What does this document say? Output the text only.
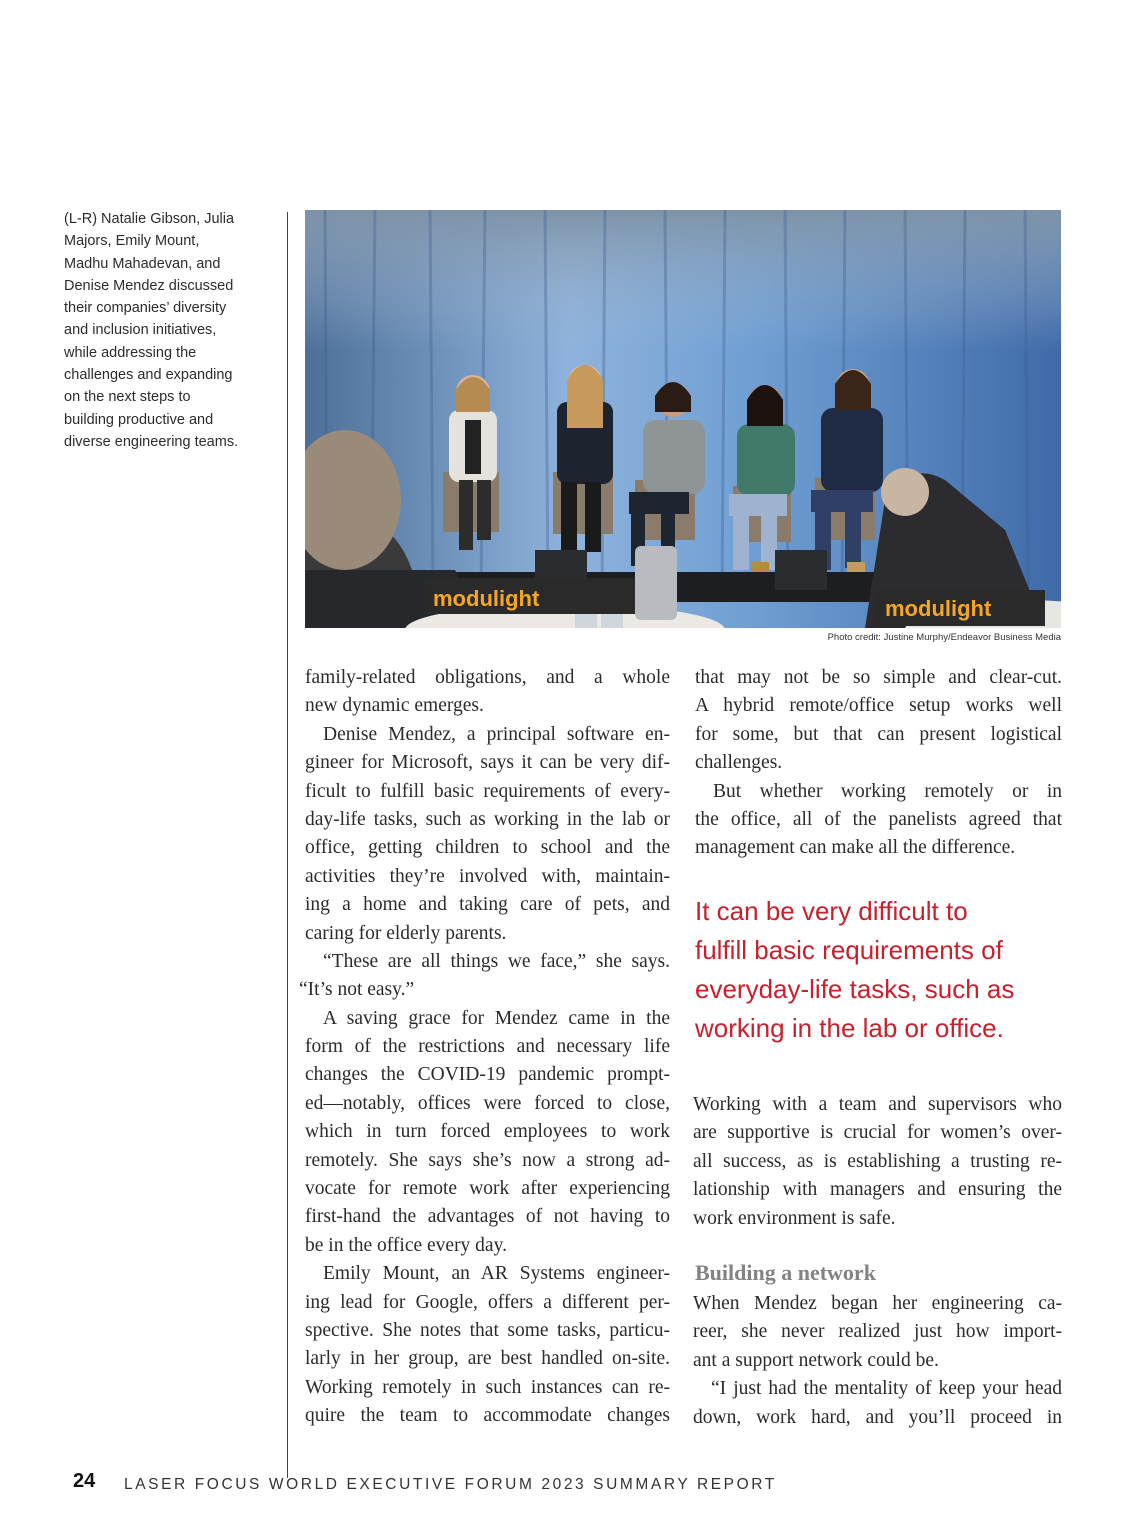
(L-R) Natalie Gibson, Julia
Majors, Emily Mount,
Madhu Mahadevan, and
Denise Mendez discussed
their companies’ diversity
and inclusion initiatives,
while addressing the
challenges and expanding
on the next steps to
building productive and
diverse engineering teams.
modulight	modulight
Photo credit: Justine Murphy/Endeavor Business Media
family-related obligations, and a whole
new dynamic emerges.
Denise Mendez, a principal software en-
gineer for Microsoft, says it can be very dif-
ficult to fulfill basic requirements of every-
day-life tasks, such as working in the lab or
office, getting children to school and the
activities they’re involved with, maintain-
ing a home and taking care of pets, and
caring for elderly parents.
“These are all things we face,” she says.
“It’s not easy.”
A saving grace for Mendez came in the
form of the restrictions and necessary life
changes the COVID-19 pandemic prompt-
ed—notably, offices were forced to close,
which in turn forced employees to work
remotely. She says she’s now a strong ad-
vocate for remote work after experiencing
first-hand the advantages of not having to
be in the office every day.
Emily Mount, an AR Systems engineer-
ing lead for Google, offers a different per-
spective. She notes that some tasks, particu-
larly in her group, are best handled on-site.
Working remotely in such instances can re-
quire the team to accommodate changes
that may not be so simple and clear-cut.
A hybrid remote/office setup works well
for some, but that can present logistical
challenges.
But whether working remotely or in
the office, all of the panelists agreed that
management can make all the difference.
It can be very difficult to
fulfill basic requirements of
everyday-life tasks, such as
working in the lab or office.
Working with a team and supervisors who
are supportive is crucial for women’s over-
all success, as is establishing a trusting re-
lationship with managers and ensuring the
work environment is safe.
Building a network
When Mendez began her engineering ca-
reer, she never realized just how import-
ant a support network could be.
“I just had the mentality of keep your head
down, work hard, and you’ll proceed in
24 LASER FOCUS WORLD EXECUTIVE FORUM 2023 SUMMARY REPORT
